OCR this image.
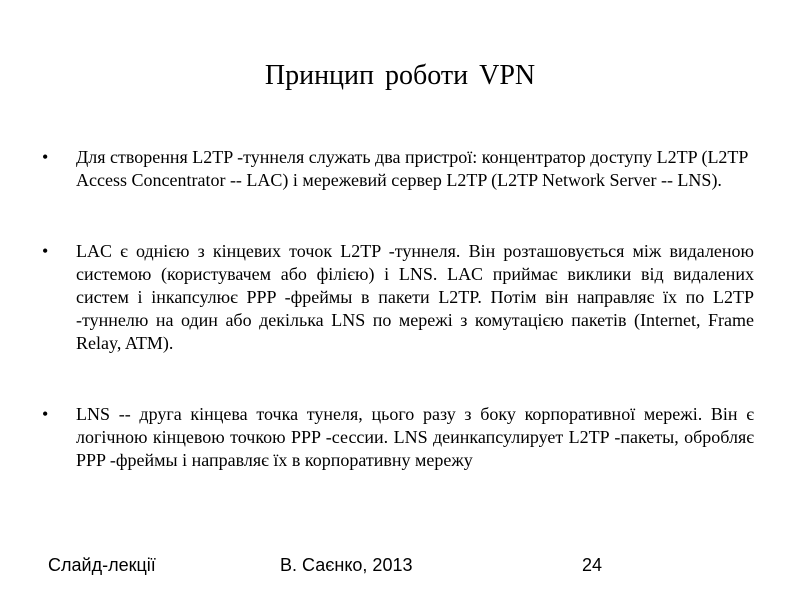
Принцип роботи VPN
• Для створення L2TP -туннеля служать два пристрої: концентратор доступу L2TP (L2TP Access Concentrator -- LAC) і мережевий сервер L2TP (L2TP Network Server -- LNS).
• LAC є однією з кінцевих точок L2TP -туннеля. Він розташовується між видаленою системою (користувачем або філією) і LNS. LAC приймає виклики від видалених систем і інкапсулює PPP -фреймы в пакети L2TP. Потім він направляє їх по L2TP -туннелю на один або декілька LNS по мережі з комутацією пакетів (Internet, Frame Relay, ATM).
• LNS -- друга кінцева точка тунеля, цього разу з боку корпоративної мережі. Він є логічною кінцевою точкою PPP -сессии. LNS деинкапсулирует L2TP -пакеты, обробляє PPP -фреймы і направляє їх в корпоративну мережу
Слайд-лекції	В. Саєнко, 2013	24
